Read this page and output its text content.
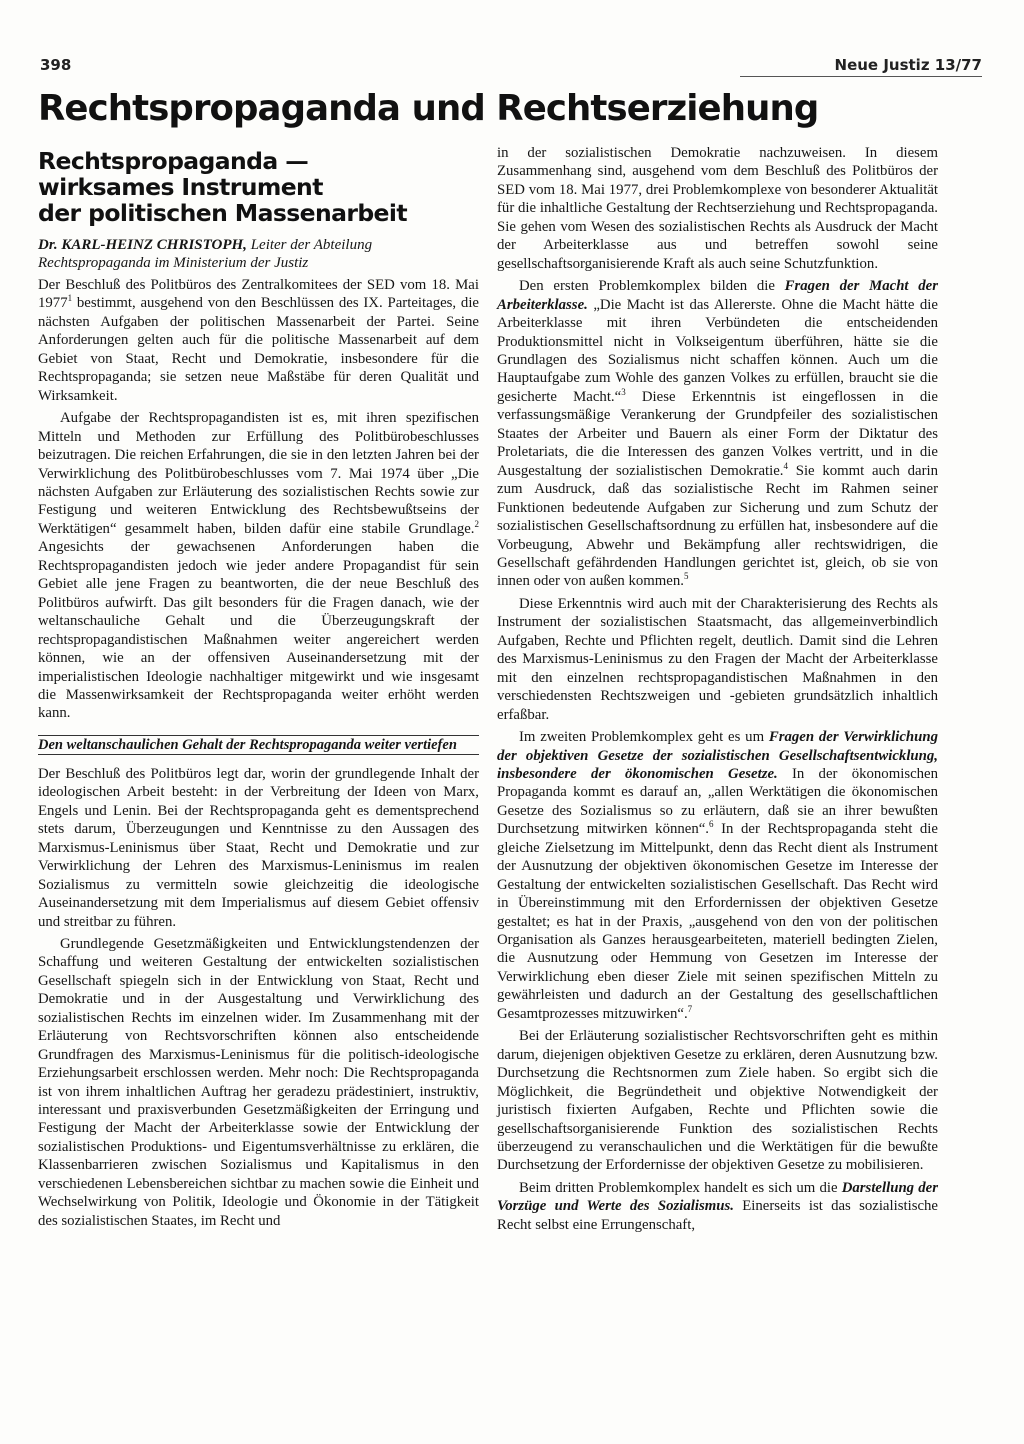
398	Neue Justiz 13/77
Rechtspropaganda und Rechtserziehung
Rechtspropaganda —
wirksames Instrument
der politischen Massenarbeit

Dr. KARL-HEINZ CHRISTOPH, Leiter der Abteilung Rechtspropaganda im Ministerium der Justiz

Der Beschluß des Politbüros des Zentralkomitees der SED vom 18. Mai 1977$^1$ bestimmt, ausgehend von den Beschlüssen des IX. Parteitages, die nächsten Aufgaben der politischen Massenarbeit der Partei. Seine Anforderungen gelten auch für die politische Massenarbeit auf dem Gebiet von Staat, Recht und Demokratie, insbesondere für die Rechtspropaganda; sie setzen neue Maßstäbe für deren Qualität und Wirksamkeit.

Aufgabe der Rechtspropagandisten ist es, mit ihren spezifischen Mitteln und Methoden zur Erfüllung des Politbürobeschlusses beizutragen. Die reichen Erfahrungen, die sie in den letzten Jahren bei der Verwirklichung des Politbürobeschlusses vom 7. Mai 1974 über „Die nächsten Aufgaben zur Erläuterung des sozialistischen Rechts sowie zur Festigung und weiteren Entwicklung des Rechtsbewußtseins der Werktätigen“ gesammelt haben, bilden dafür eine stabile Grundlage.$^2$ Angesichts der gewachsenen Anforderungen haben die Rechtspropagandisten jedoch wie jeder andere Propagandist für sein Gebiet alle jene Fragen zu beantworten, die der neue Beschluß des Politbüros aufwirft. Das gilt besonders für die Fragen danach, wie der weltanschauliche Gehalt und die Überzeugungskraft der rechtspropagandistischen Maßnahmen weiter angereichert werden können, wie an der offensiven Auseinandersetzung mit der imperialistischen Ideologie nachhaltiger mitgewirkt und wie insgesamt die Massenwirksamkeit der Rechtspropaganda weiter erhöht werden kann.

Den weltanschaulichen Gehalt der Rechtspropaganda weiter vertiefen

Der Beschluß des Politbüros legt dar, worin der grundlegende Inhalt der ideologischen Arbeit besteht: in der Verbreitung der Ideen von Marx, Engels und Lenin. Bei der Rechtspropaganda geht es dementsprechend stets darum, Überzeugungen und Kenntnisse zu den Aussagen des Marxismus-Leninismus über Staat, Recht und Demokratie und zur Verwirklichung der Lehren des Marxismus-Leninismus im realen Sozialismus zu vermitteln sowie gleichzeitig die ideologische Auseinandersetzung mit dem Imperialismus auf diesem Gebiet offensiv und streitbar zu führen.

Grundlegende Gesetzmäßigkeiten und Entwicklungstendenzen der Schaffung und weiteren Gestaltung der entwickelten sozialistischen Gesellschaft spiegeln sich in der Entwicklung von Staat, Recht und Demokratie und in der Ausgestaltung und Verwirklichung des sozialistischen Rechts im einzelnen wider. Im Zusammenhang mit der Erläuterung von Rechtsvorschriften können also entscheidende Grundfragen des Marxismus-Leninismus für die politisch-ideologische Erziehungsarbeit erschlossen werden. Mehr noch: Die Rechtspropaganda ist von ihrem inhaltlichen Auftrag her geradezu prädestiniert, instruktiv, interessant und praxisverbunden Gesetzmäßigkeiten der Erringung und Festigung der Macht der Arbeiterklasse sowie der Entwicklung der sozialistischen Produktions- und Eigentumsverhältnisse zu erklären, die Klassenbarrieren zwischen Sozialismus und Kapitalismus in den verschiedenen Lebensbereichen sichtbar zu machen sowie die Einheit und Wechselwirkung von Politik, Ideologie und Ökonomie in der Tätigkeit des sozialistischen Staates, im Recht und

in der sozialistischen Demokratie nachzuweisen. In diesem Zusammenhang sind, ausgehend vom dem Beschluß des Politbüros der SED vom 18. Mai 1977, drei Problemkomplexe von besonderer Aktualität für die inhaltliche Gestaltung der Rechtserziehung und Rechtspropaganda. Sie gehen vom Wesen des sozialistischen Rechts als Ausdruck der Macht der Arbeiterklasse aus und betreffen sowohl seine gesellschaftsorganisierende Kraft als auch seine Schutzfunktion.

Den ersten Problemkomplex bilden die Fragen der Macht der Arbeiterklasse. „Die Macht ist das Allererste. Ohne die Macht hätte die Arbeiterklasse mit ihren Verbündeten die entscheidenden Produktionsmittel nicht in Volkseigentum überführen, hätte sie die Grundlagen des Sozialismus nicht schaffen können. Auch um die Hauptaufgabe zum Wohle des ganzen Volkes zu erfüllen, braucht sie die gesicherte Macht.“$^3$ Diese Erkenntnis ist eingeflossen in die verfassungsmäßige Verankerung der Grundpfeiler des sozialistischen Staates der Arbeiter und Bauern als einer Form der Diktatur des Proletariats, die die Interessen des ganzen Volkes vertritt, und in die Ausgestaltung der sozialistischen Demokratie.$^4$ Sie kommt auch darin zum Ausdruck, daß das sozialistische Recht im Rahmen seiner Funktionen bedeutende Aufgaben zur Sicherung und zum Schutz der sozialistischen Gesellschaftsordnung zu erfüllen hat, insbesondere auf die Vorbeugung, Abwehr und Bekämpfung aller rechtswidrigen, die Gesellschaft gefährdenden Handlungen gerichtet ist, gleich, ob sie von innen oder von außen kommen.$^5$

Diese Erkenntnis wird auch mit der Charakterisierung des Rechts als Instrument der sozialistischen Staatsmacht, das allgemeinverbindlich Aufgaben, Rechte und Pflichten regelt, deutlich. Damit sind die Lehren des Marxismus-Leninismus zu den Fragen der Macht der Arbeiterklasse mit den einzelnen rechtspropagandistischen Maßnahmen in den verschiedensten Rechtszweigen und -gebieten grundsätzlich inhaltlich erfaßbar.

Im zweiten Problemkomplex geht es um Fragen der Verwirklichung der objektiven Gesetze der sozialistischen Gesellschaftsentwicklung, insbesondere der ökonomischen Gesetze. In der ökonomischen Propaganda kommt es darauf an, „allen Werktätigen die ökonomischen Gesetze des Sozialismus so zu erläutern, daß sie an ihrer bewußten Durchsetzung mitwirken können“.$^6$ In der Rechtspropaganda steht die gleiche Zielsetzung im Mittelpunkt, denn das Recht dient als Instrument der Ausnutzung der objektiven ökonomischen Gesetze im Interesse der Gestaltung der entwickelten sozialistischen Gesellschaft. Das Recht wird in Übereinstimmung mit den Erfordernissen der objektiven Gesetze gestaltet; es hat in der Praxis, „ausgehend von den von der politischen Organisation als Ganzes herausgearbeiteten, materiell bedingten Zielen, die Ausnutzung oder Hemmung von Gesetzen im Interesse der Verwirklichung eben dieser Ziele mit seinen spezifischen Mitteln zu gewährleisten und dadurch an der Gestaltung des gesellschaftlichen Gesamtprozesses mitzuwirken“.$^7$

Bei der Erläuterung sozialistischer Rechtsvorschriften geht es mithin darum, diejenigen objektiven Gesetze zu erklären, deren Ausnutzung bzw. Durchsetzung die Rechtsnormen zum Ziele haben. So ergibt sich die Möglichkeit, die Begründetheit und objektive Notwendigkeit der juristisch fixierten Aufgaben, Rechte und Pflichten sowie die gesellschaftsorganisierende Funktion des sozialistischen Rechts überzeugend zu veranschaulichen und die Werktätigen für die bewußte Durchsetzung der Erfordernisse der objektiven Gesetze zu mobilisieren.

Beim dritten Problemkomplex handelt es sich um die Darstellung der Vorzüge und Werte des Sozialismus. Einerseits ist das sozialistische Recht selbst eine Errungenschaft,
